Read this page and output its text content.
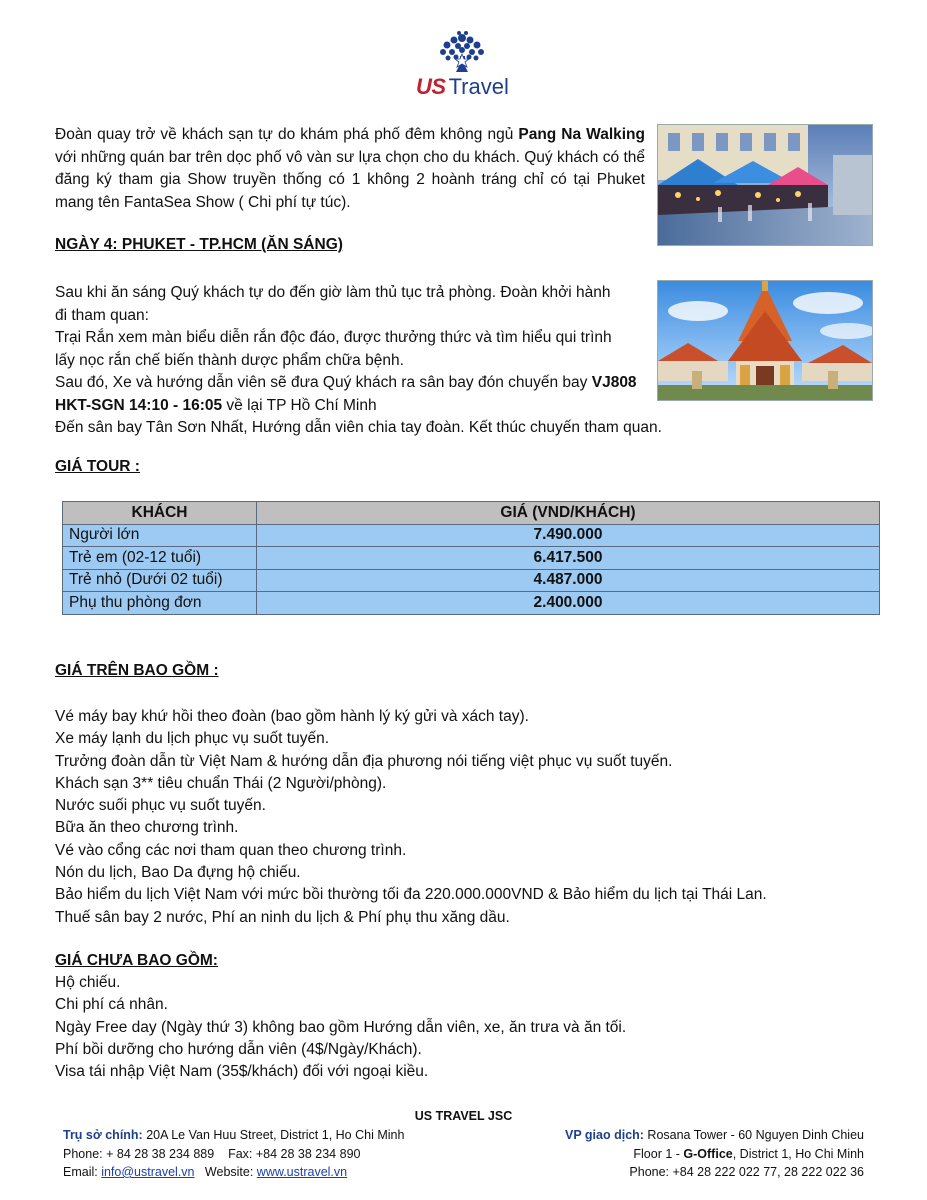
US Travel
Đoàn quay trở về khách sạn tự do khám phá phố đêm không ngủ Pang Na Walking với những quán bar trên dọc phố vô vàn sư lựa chọn cho du khách. Quý khách có thể đăng ký tham gia Show truyền thống có 1 không 2 hoành tráng chỉ có tại Phuket mang tên FantaSea Show ( Chi phí tự túc).
NGÀY 4: PHUKET - TP.HCM (ĂN SÁNG)
Sau khi ăn sáng Quý khách tự do đến giờ làm thủ tục trả phòng. Đoàn khởi hành
đi tham quan:
Trại Rắn xem màn biểu diễn rắn độc đáo, được thưởng thức và tìm hiểu qui trình
lấy nọc rắn chế biến thành dược phẩm chữa bệnh.
Sau đó, Xe và hướng dẫn viên sẽ đưa Quý khách ra sân bay đón chuyến bay VJ808
HKT-SGN 14:10 - 16:05 về lại TP Hồ Chí Minh
Đến sân bay Tân Sơn Nhất, Hướng dẫn viên chia tay đoàn. Kết thúc chuyến tham quan.
GIÁ TOUR :
KHÁCH	GIÁ (VND/KHÁCH)
Người lớn	7.490.000
Trẻ em (02-12 tuổi)	6.417.500
Trẻ nhỏ (Dưới 02 tuổi)	4.487.000
Phụ thu phòng đơn	2.400.000
GIÁ TRÊN BAO GỒM :
Vé máy bay khứ hồi theo đoàn (bao gồm hành lý ký gửi và xách tay).
Xe máy lạnh du lịch phục vụ suốt tuyến.
Trưởng đoàn dẫn từ Việt Nam & hướng dẫn địa phương nói tiếng việt phục vụ suốt tuyến.
Khách sạn 3** tiêu chuẩn Thái (2 Người/phòng).
Nước suối phục vụ suốt tuyến.
Bữa ăn theo chương trình.
Vé vào cổng các nơi tham quan theo chương trình.
Nón du lịch, Bao Da đựng hộ chiếu.
Bảo hiểm du lịch Việt Nam với mức bồi thường tối đa 220.000.000VND & Bảo hiểm du lịch tại Thái Lan.
Thuế sân bay 2 nước, Phí an ninh du lịch & Phí phụ thu xăng dầu.
GIÁ CHƯA BAO GỒM:
Hộ chiếu.
Chi phí cá nhân.
Ngày Free day (Ngày thứ 3) không bao gồm Hướng dẫn viên, xe, ăn trưa và ăn tối.
Phí bồi dưỡng cho hướng dẫn viên (4$/Ngày/Khách).
Visa tái nhập Việt Nam (35$/khách) đối với ngoại kiều.
US TRAVEL JSC
Trụ sở chính: 20A Le Van Huu Street, District 1, Ho Chi Minh
Phone: + 84 28 38 234 889    Fax: +84 28 38 234 890
Email: info@ustravel.vn   Website: www.ustravel.vn
VP giao dịch: Rosana Tower - 60 Nguyen Dinh Chieu
Floor 1 - G-Office, District 1, Ho Chi Minh
Phone: +84 28 222 022 77, 28 222 022 36
